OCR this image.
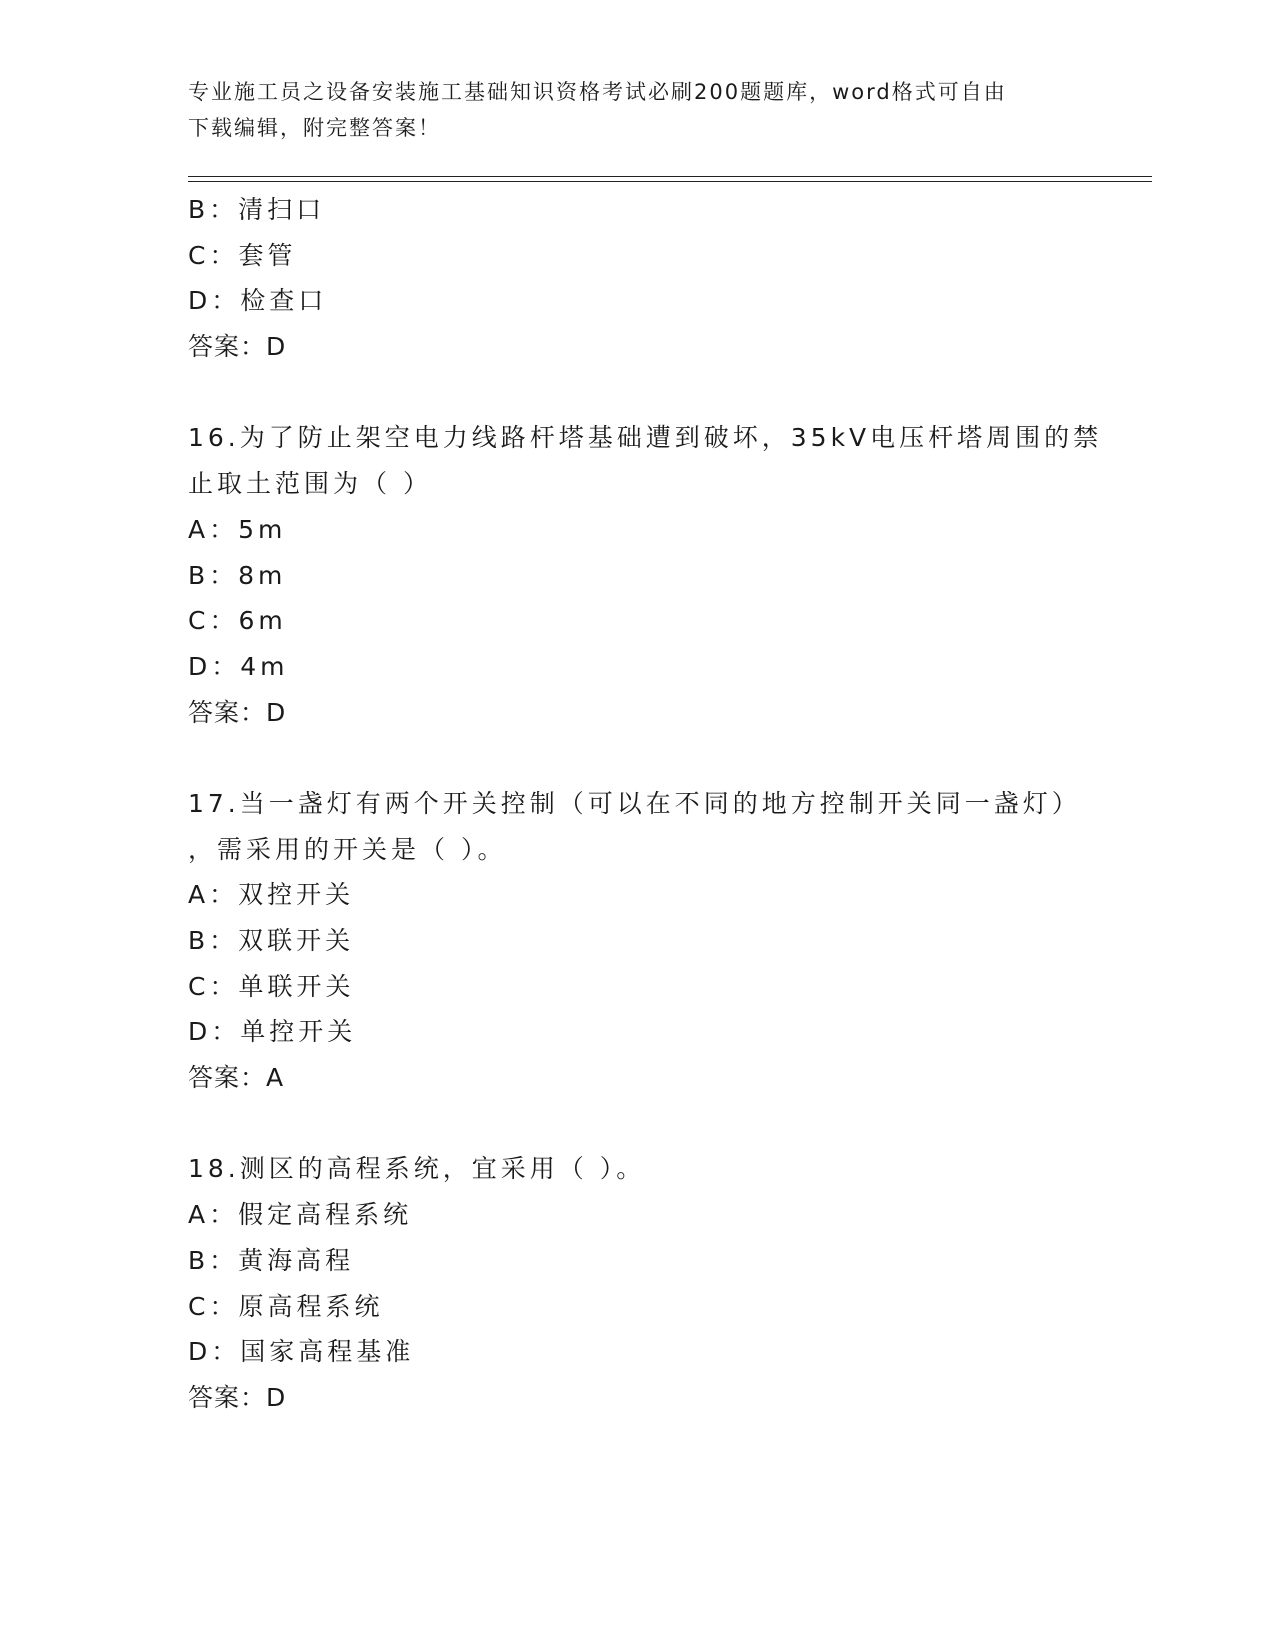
专业施工员之设备安装施工基础知识资格考试必刷200题题库，word格式可自由
下载编辑，附完整答案！
B：清扫口
C：套管
D：检查口
答案：D
16.为了防止架空电力线路杆塔基础遭到破坏，35kV电压杆塔周围的禁
止取土范围为（ ）
A：5m
B：8m
C：6m
D：4m
答案：D
17.当一盏灯有两个开关控制（可以在不同的地方控制开关同一盏灯）
，需采用的开关是（ ）。
A：双控开关
B：双联开关
C：单联开关
D：单控开关
答案：A
18.测区的高程系统，宜采用（ ）。
A：假定高程系统
B：黄海高程
C：原高程系统
D：国家高程基准
答案：D
